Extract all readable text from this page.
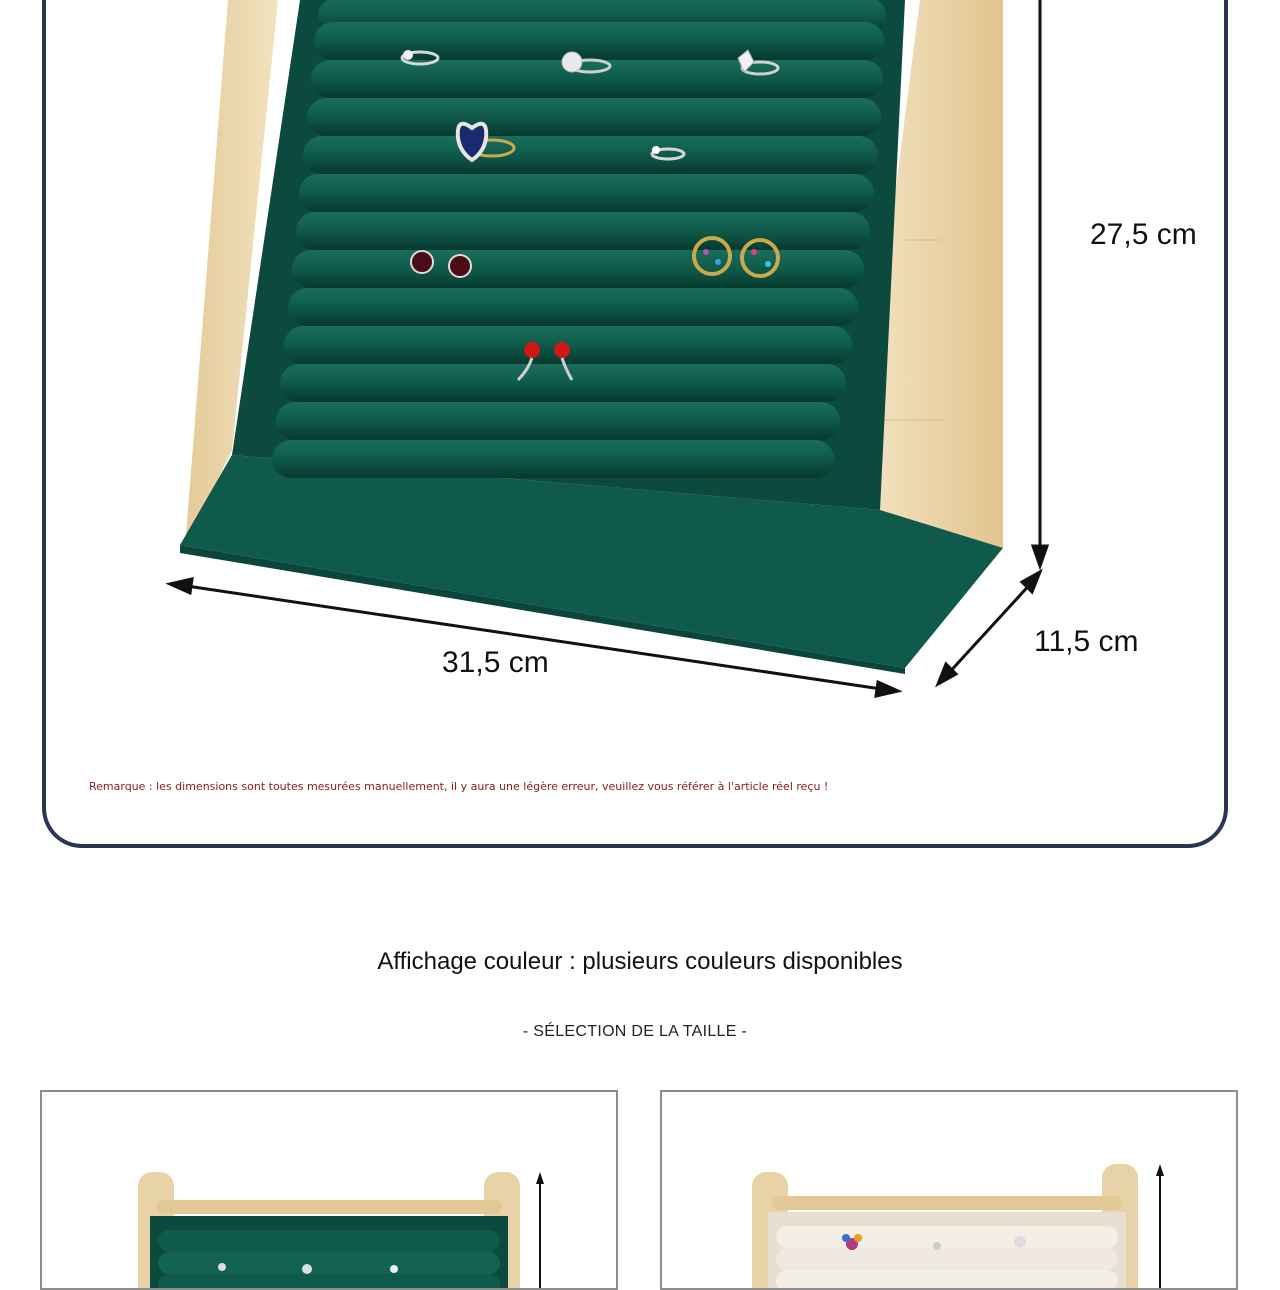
27,5 cm
31,5 cm
11,5 cm
Remarque : les dimensions sont toutes mesurées manuellement, il y aura une légère erreur, veuillez vous référer à l'article réel reçu !
Affichage couleur : plusieurs couleurs disponibles
- SÉLECTION DE LA TAILLE -
